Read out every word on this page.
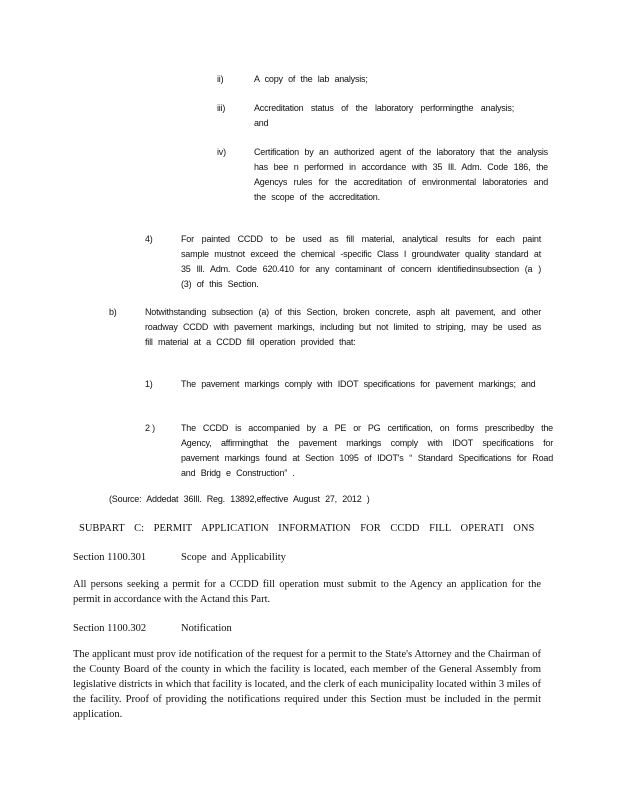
ii)	A copy of the lab analysis;
iii)	Accreditation status of the laboratory performingthe analysis; and
iv)	Certification by an authorized agent of the laboratory that the analysis has bee n performed in accordance with 35 Ill. Adm. Code 186, the Agencys rules for the accreditation of environmental laboratories and the scope of the accreditation.
4)	For painted CCDD to be used as fill material, analytical results for each paint sample mustnot exceed the chemical -specific Class I groundwater quality standard at 35 Ill. Adm. Code 620.410 for any contaminant of concern identifiedinsubsection (a )(3) of this Section.
b)	Notwithstanding subsection (a) of this Section, broken concrete, asph alt pavement, and other roadway CCDD with pavement markings, including but not limited to striping, may be used as fill material at a CCDD fill operation provided that:
1)	The pavement markings comply with IDOT specifications for pavement markings; and
2 )	The CCDD is accompanied by a PE or PG certification, on forms prescribedby the Agency, affirmingthat the pavement markings comply with IDOT specifications for pavement markings found at Section 1095 of IDOT's “ Standard Specifications for Road and Bridg e Construction” .
(Source: Addedat 36Ill. Reg. 13892,effective August 27, 2012 )
SUBPART C: PERMIT APPLICATION INFORMATION FOR CCDD FILL OPERATI ONS
Section 1100.301	Scope and Applicability
All persons seeking a permit for a CCDD fill operation must submit to the Agency an application for the permit in accordance with the Actand this Part.
Section 1100.302	Notification
The applicant must prov ide notification of the request for a permit to the State's Attorney and the Chairman of the County Board of the county in which the facility is located, each member of the General Assembly from legislative districts in which that facility is located, and the clerk of each municipality located within 3 miles of the facility. Proof of providing the notifications required under this Section must be included in the permit application.
